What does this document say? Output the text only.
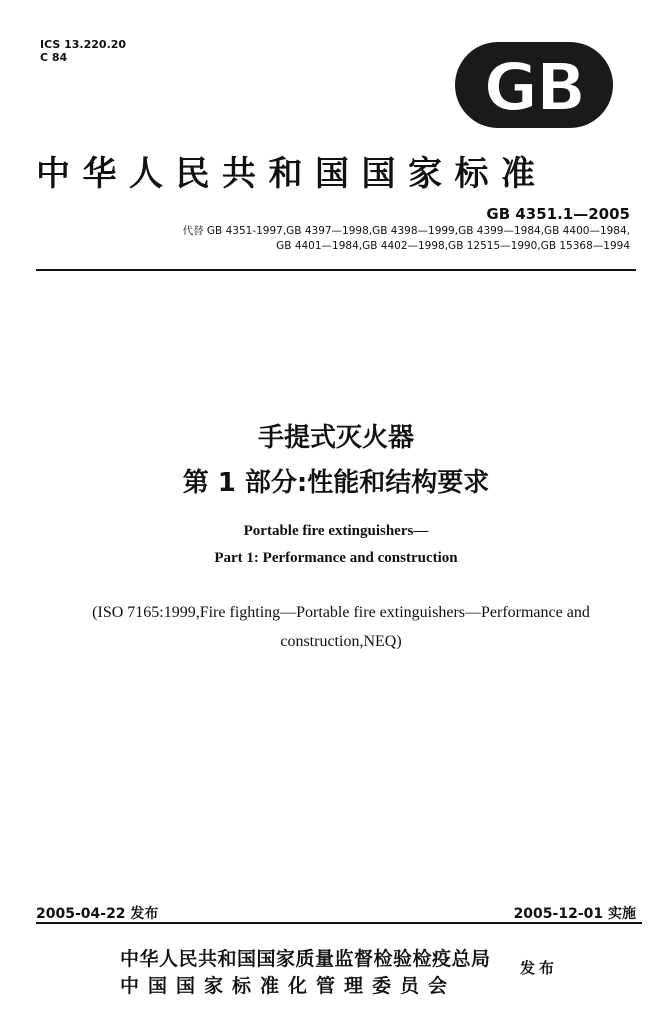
ICS 13.220.20
C 84	GB
中华人民共和国国家标准
GB 4351.1—2005
代替 GB 4351-1997,GB 4397—1998,GB 4398—1999,GB 4399—1984,GB 4400—1984,
GB 4401—1984,GB 4402—1998,GB 12515—1990,GB 15368—1994
手提式灭火器
第 1 部分:性能和结构要求
Portable fire extinguishers—
Part 1: Performance and construction
(ISO 7165:1999,Fire fighting—Portable fire extinguishers—Performance and
construction,NEQ)
2005-04-22 发布	2005-12-01 实施
中华人民共和国国家质量监督检验检疫总局
中国国家标准化管理委员会
发布
